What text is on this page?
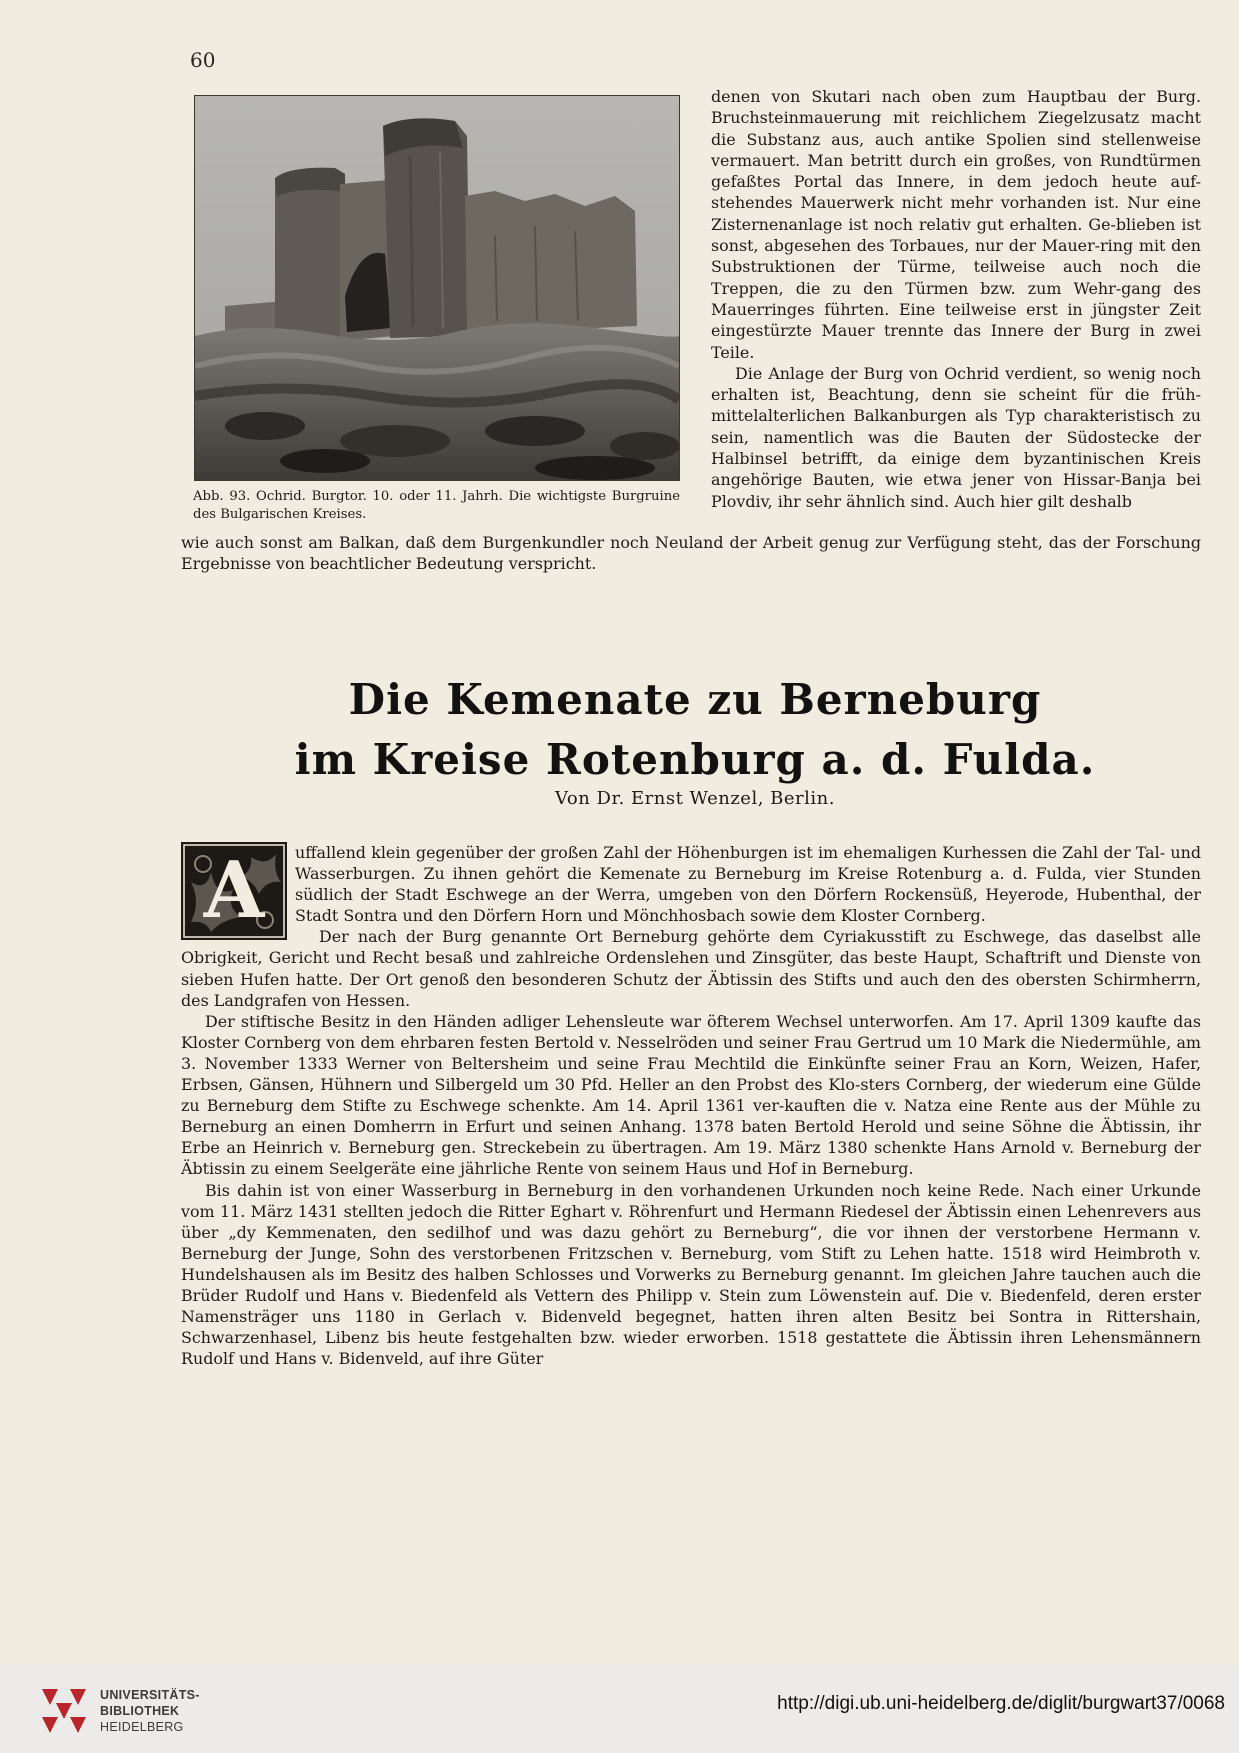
60
Abb. 93. Ochrid. Burgtor. 10. oder 11. Jahrh. Die wichtigste Burgruine des Bulgarischen Kreises.

denen von Skutari nach oben zum Hauptbau der Burg. Bruchsteinmauerung mit reichlichem Ziegelzusatz macht die Substanz aus, auch antike Spolien sind stellenweise vermauert. Man betritt durch ein großes, von Rundtürmen gefaßtes Portal das Innere, in dem jedoch heute auf-stehendes Mauerwerk nicht mehr vorhanden ist. Nur eine Zisternenanlage ist noch relativ gut erhalten. Ge-blieben ist sonst, abgesehen des Torbaues, nur der Mauer-ring mit den Substruktionen der Türme, teilweise auch noch die Treppen, die zu den Türmen bzw. zum Wehr-gang des Mauerringes führten. Eine teilweise erst in jüngster Zeit eingestürzte Mauer trennte das Innere der Burg in zwei Teile.

Die Anlage der Burg von Ochrid verdient, so wenig noch erhalten ist, Beachtung, denn sie scheint für die früh-mittelalterlichen Balkanburgen als Typ charakteristisch zu sein, namentlich was die Bauten der Südostecke der Halbinsel betrifft, da einige dem byzantinischen Kreis angehörige Bauten, wie etwa jener von Hissar-Banja bei Plovdiv, ihr sehr ähnlich sind. Auch hier gilt deshalb

wie auch sonst am Balkan, daß dem Burgenkundler noch Neuland der Arbeit genug zur Verfügung steht, das der Forschung Ergebnisse von beachtlicher Bedeutung verspricht.
Die Kemenate zu Berneburg
im Kreise Rotenburg a. d. Fulda.
Von Dr. Ernst Wenzel, Berlin.

A	uffallend klein gegenüber der großen Zahl der Höhenburgen ist im ehemaligen Kurhessen die Zahl der Tal- und Wasserburgen. Zu ihnen gehört die Kemenate zu Berneburg im Kreise Rotenburg a. d. Fulda, vier Stunden südlich der Stadt Eschwege an der Werra, umgeben von den Dörfern Rockensüß, Heyerode, Hubenthal, der Stadt Sontra und den Dörfern Horn und Mönchhosbach sowie dem Kloster Cornberg.

Der nach der Burg genannte Ort Berneburg gehörte dem Cyriakusstift zu Eschwege, das daselbst alle Obrigkeit, Gericht und Recht besaß und zahlreiche Ordenslehen und Zinsgüter, das beste Haupt, Schaftrift und Dienste von sieben Hufen hatte. Der Ort genoß den besonderen Schutz der Äbtissin des Stifts und auch den des obersten Schirmherrn, des Landgrafen von Hessen.

Der stiftische Besitz in den Händen adliger Lehensleute war öfterem Wechsel unterworfen. Am 17. April 1309 kaufte das Kloster Cornberg von dem ehrbaren festen Bertold v. Nesselröden und seiner Frau Gertrud um 10 Mark die Niedermühle, am 3. November 1333 Werner von Beltersheim und seine Frau Mechtild die Einkünfte seiner Frau an Korn, Weizen, Hafer, Erbsen, Gänsen, Hühnern und Silbergeld um 30 Pfd. Heller an den Probst des Klo-sters Cornberg, der wiederum eine Gülde zu Berneburg dem Stifte zu Eschwege schenkte. Am 14. April 1361 ver-kauften die v. Natza eine Rente aus der Mühle zu Berneburg an einen Domherrn in Erfurt und seinen Anhang. 1378 baten Bertold Herold und seine Söhne die Äbtissin, ihr Erbe an Heinrich v. Berneburg gen. Streckebein zu übertragen. Am 19. März 1380 schenkte Hans Arnold v. Berneburg der Äbtissin zu einem Seelgeräte eine jährliche Rente von seinem Haus und Hof in Berneburg.

Bis dahin ist von einer Wasserburg in Berneburg in den vorhandenen Urkunden noch keine Rede. Nach einer Urkunde vom 11. März 1431 stellten jedoch die Ritter Eghart v. Röhrenfurt und Hermann Riedesel der Äbtissin einen Lehenrevers aus über „dy Kemmenaten, den sedilhof und was dazu gehört zu Berneburg“, die vor ihnen der verstorbene Hermann v. Berneburg der Junge, Sohn des verstorbenen Fritzschen v. Berneburg, vom Stift zu Lehen hatte. 1518 wird Heimbroth v. Hundelshausen als im Besitz des halben Schlosses und Vorwerks zu Berneburg genannt. Im gleichen Jahre tauchen auch die Brüder Rudolf und Hans v. Biedenfeld als Vettern des Philipp v. Stein zum Löwenstein auf. Die v. Biedenfeld, deren erster Namensträger uns 1180 in Gerlach v. Bidenveld begegnet, hatten ihren alten Besitz bei Sontra in Rittershain, Schwarzenhasel, Libenz bis heute festgehalten bzw. wieder erworben. 1518 gestattete die Äbtissin ihren Lehensmännern Rudolf und Hans v. Bidenveld, auf ihre Güter

UNIVERSITÄTS-
BIBLIOTHEK
HEIDELBERG
http://digi.ub.uni-heidelberg.de/diglit/burgwart37/0068
